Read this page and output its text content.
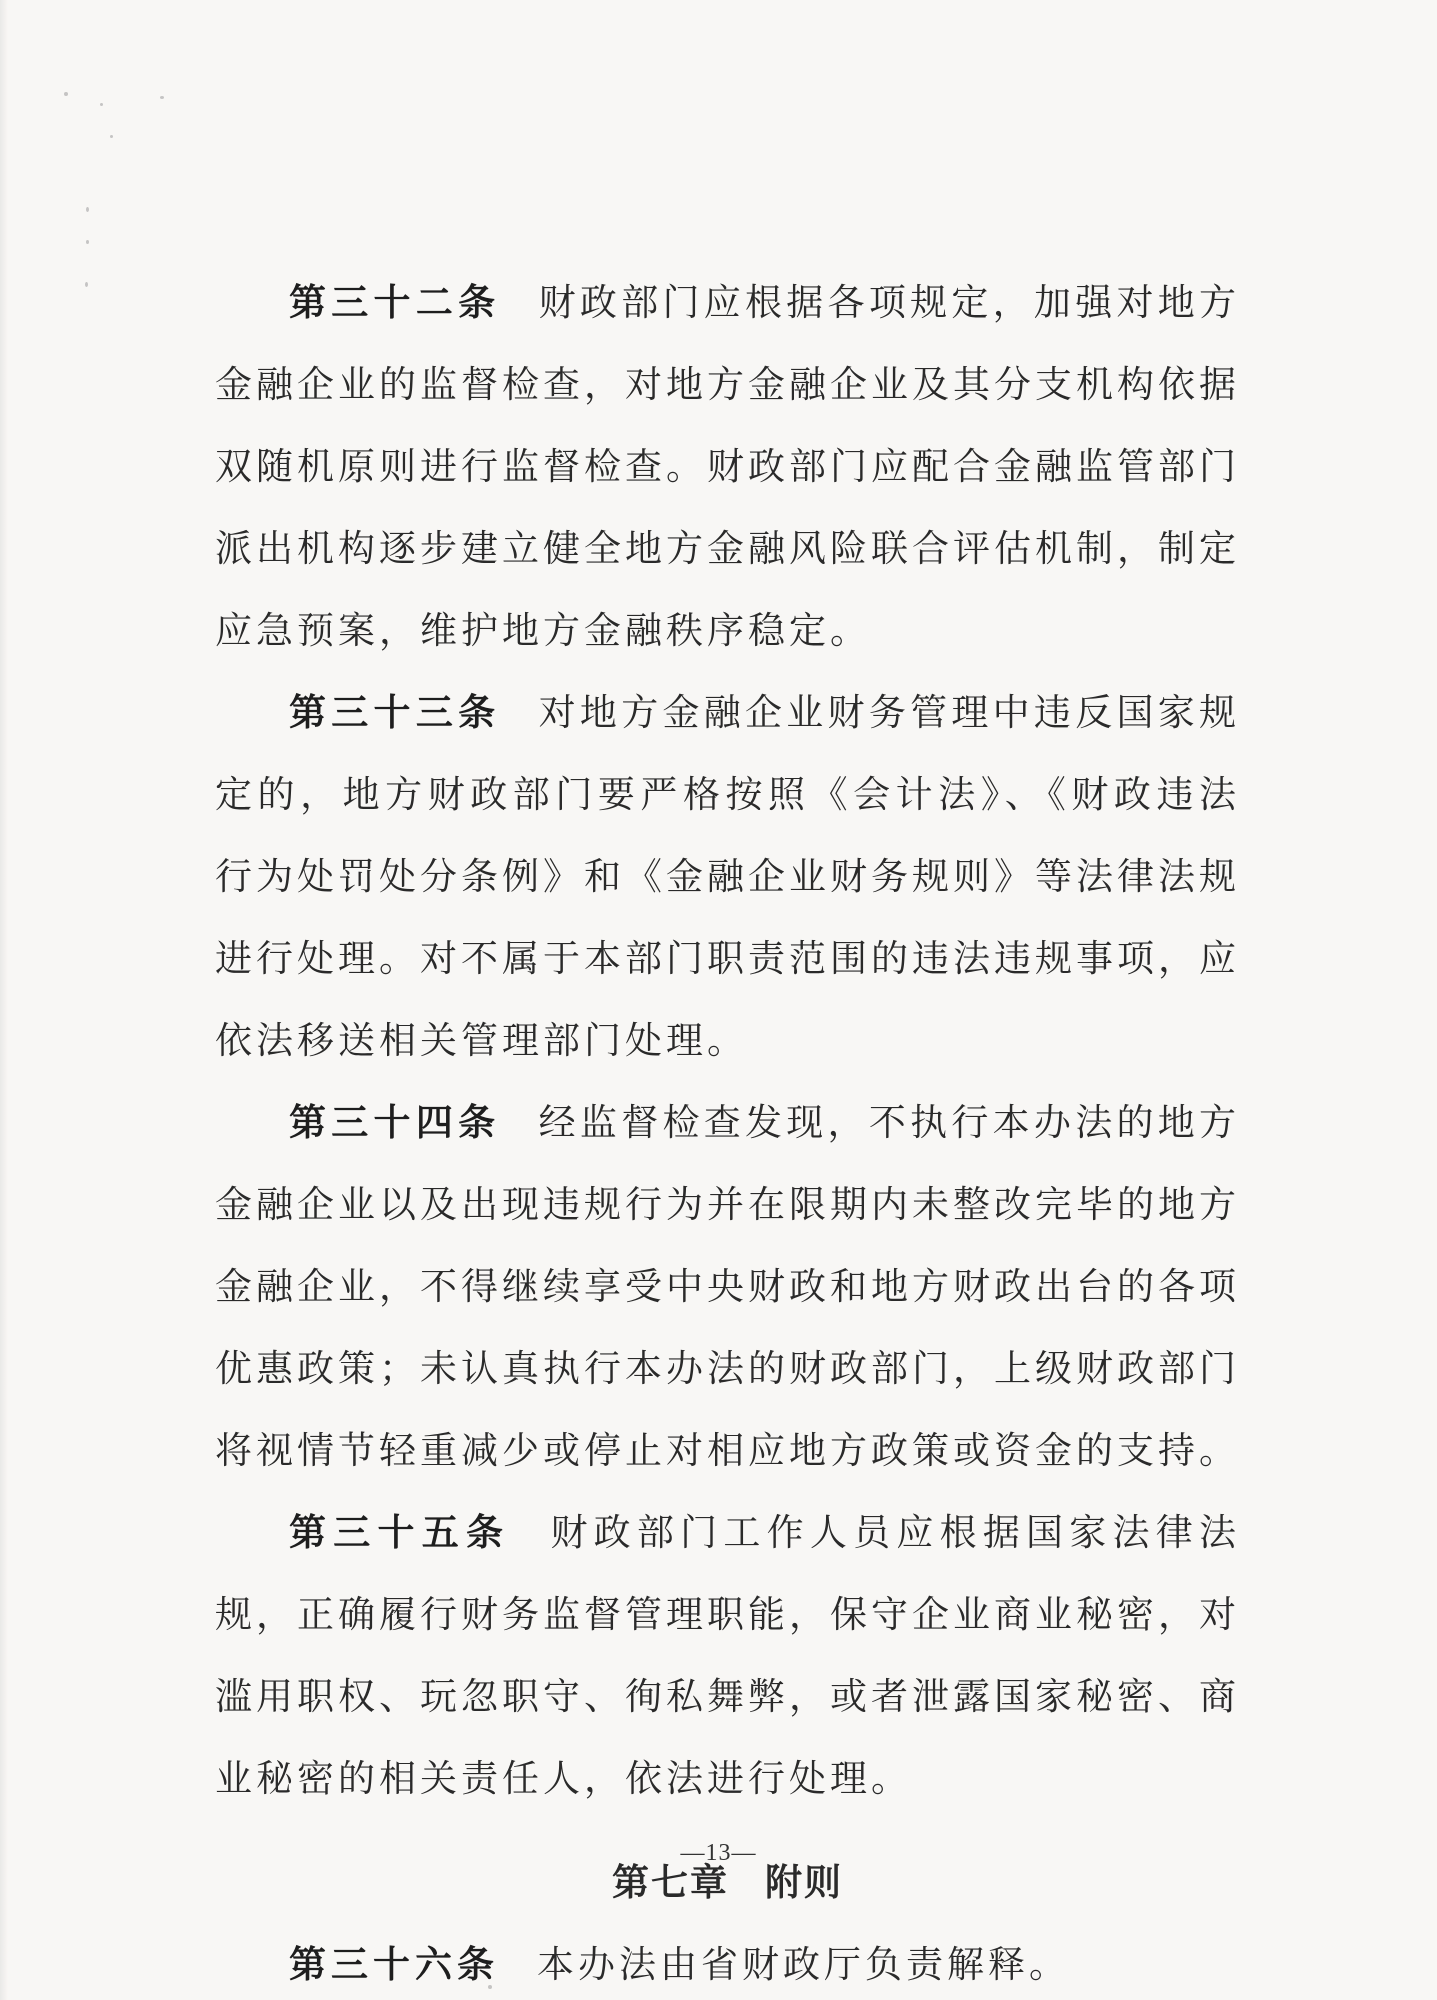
第三十二条 财政部门应根据各项规定，加强对地方金融企业的监督检查，对地方金融企业及其分支机构依据双随机原则进行监督检查。财政部门应配合金融监管部门派出机构逐步建立健全地方金融风险联合评估机制，制定应急预案，维护地方金融秩序稳定。

第三十三条 对地方金融企业财务管理中违反国家规定的，地方财政部门要严格按照《会计法》、《财政违法行为处罚处分条例》和《金融企业财务规则》等法律法规进行处理。对不属于本部门职责范围的违法违规事项，应依法移送相关管理部门处理。

第三十四条 经监督检查发现，不执行本办法的地方金融企业以及出现违规行为并在限期内未整改完毕的地方金融企业，不得继续享受中央财政和地方财政出台的各项优惠政策；未认真执行本办法的财政部门，上级财政部门将视情节轻重减少或停止对相应地方政策或资金的支持。

第三十五条 财政部门工作人员应根据国家法律法规，正确履行财务监督管理职能，保守企业商业秘密，对滥用职权、玩忽职守、徇私舞弊，或者泄露国家秘密、商业秘密的相关责任人，依法进行处理。

第七章 附则

第三十六条 本办法由省财政厅负责解释。

—13—
